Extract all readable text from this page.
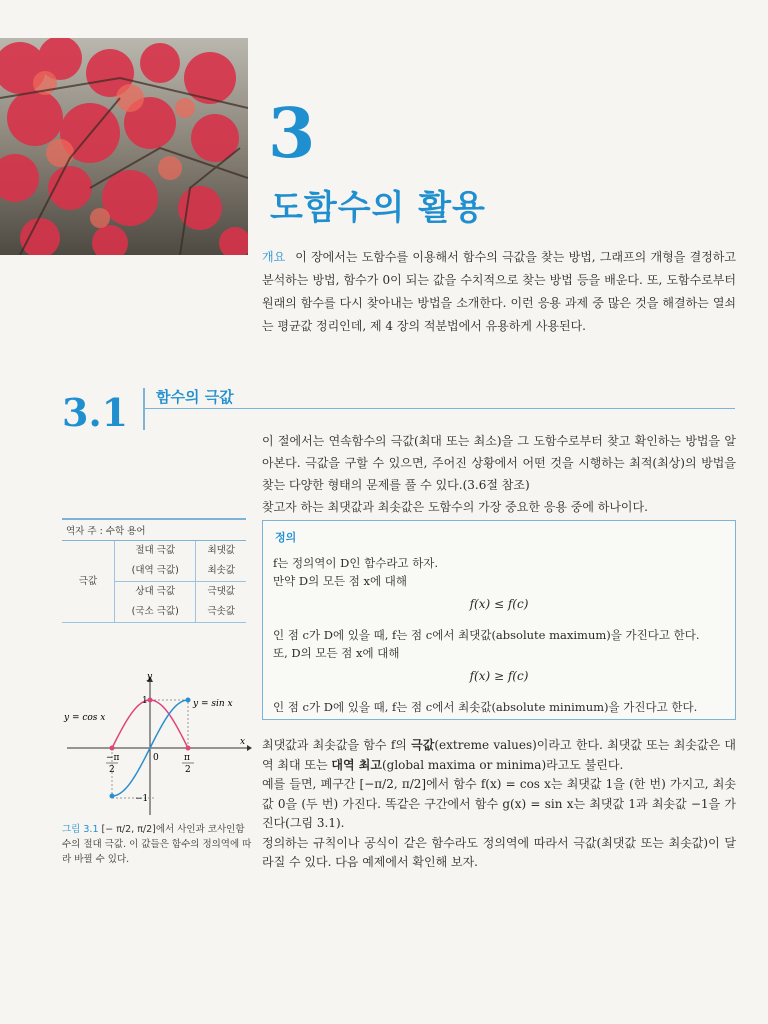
3
도함수의 활용
개요 이 장에서는 도함수를 이용해서 함수의 극값을 찾는 방법, 그래프의 개형을 결정하고 분석하는 방법, 함수가 0이 되는 값을 수치적으로 찾는 방법 등을 배운다. 또, 도함수로부터 원래의 함수를 다시 찾아내는 방법을 소개한다. 이런 응용 과제 중 많은 것을 해결하는 열쇠는 평균값 정리인데, 제 4 장의 적분법에서 유용하게 사용된다.
3.1 함수의 극값
이 절에서는 연속함수의 극값(최대 또는 최소)을 그 도함수로부터 찾고 확인하는 방법을 알아본다. 극값을 구할 수 있으면, 주어진 상황에서 어떤 것을 시행하는 최적(최상)의 방법을 찾는 다양한 형태의 문제를 풀 수 있다.(3.6절 참조)
찾고자 하는 최댓값과 최솟값은 도함수의 가장 중요한 응용 중에 하나이다.
역자 주 : 수학 용어
극값	절대 극값	최댓값
	(대역 극값)	최솟값
	상대 극값	극댓값
	(국소 극값)	극솟값
정의
f는 정의역이 D인 함수라고 하자.
만약 D의 모든 점 x에 대해
f(x) ≤ f(c)
인 점 c가 D에 있을 때, f는 점 c에서 최댓값(absolute maximum)을 가진다고 한다.
또, D의 모든 점 x에 대해
f(x) ≥ f(c)
인 점 c가 D에 있을 때, f는 점 c에서 최솟값(absolute minimum)을 가진다고 한다.
y = sin x
y = cos x
x
y
1
−1
0
−π
2
π
2
그림 3.1 [− π/2, π/2]에서 사인과 코사인함수의 절대 극값. 이 값들은 함수의 정의역에 따라 바뀔 수 있다.
최댓값과 최솟값을 함수 f의 극값(extreme values)이라고 한다. 최댓값 또는 최솟값은 대역 최대 또는 대역 최고(global maxima or minima)라고도 불린다.
예를 들면, 폐구간 [−π/2, π/2]에서 함수 f(x) = cos x는 최댓값 1을 (한 번) 가지고, 최솟값 0을 (두 번) 가진다. 똑같은 구간에서 함수 g(x) = sin x는 최댓값 1과 최솟값 −1을 가진다(그림 3.1).
정의하는 규칙이나 공식이 같은 함수라도 정의역에 따라서 극값(최댓값 또는 최솟값)이 달라질 수 있다. 다음 예제에서 확인해 보자.
